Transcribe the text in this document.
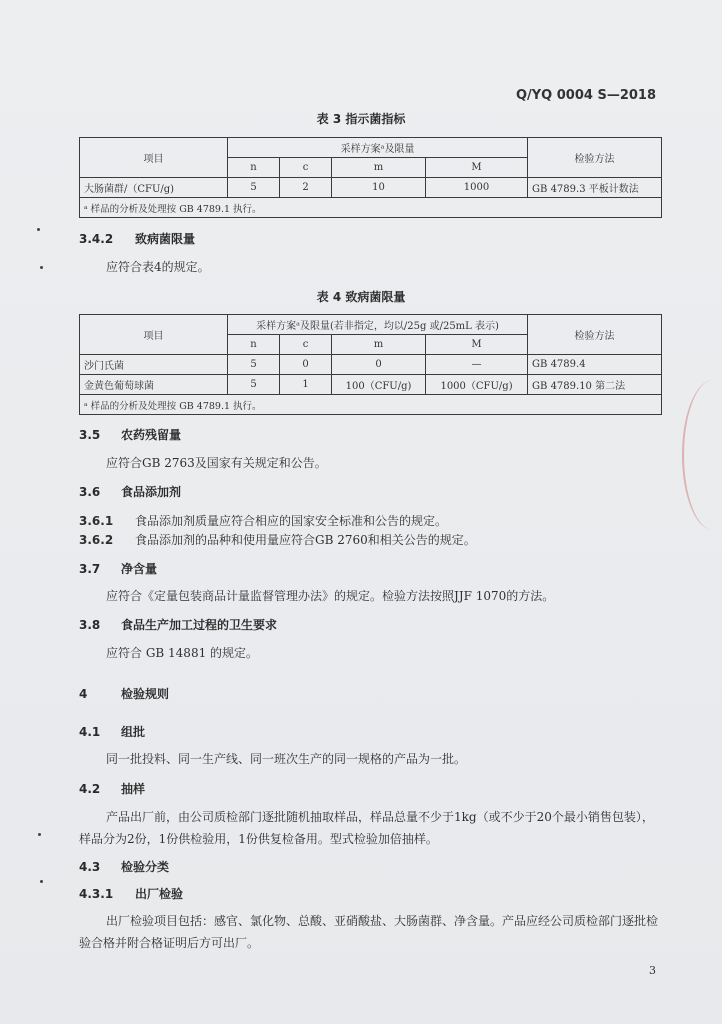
Q/YQ 0004 S—2018
表 3 指示菌指标
项目	采样方案ᵃ及限量				检验方法
	n	c	m	M	
大肠菌群/（CFU/g)	5	2	10	1000	GB 4789.3 平板计数法
ᵃ 样品的分析及处理按 GB 4789.1 执行。					
3.4.2 致病菌限量
应符合表4的规定。
表 4 致病菌限量
项目	采样方案ᵃ及限量(若非指定，均以/25g 或/25mL 表示)				检验方法
	n	c	m	M	
沙门氏菌	5	0	0	—	GB 4789.4
金黄色葡萄球菌	5	1	100（CFU/g)	1000（CFU/g)	GB 4789.10 第二法
ᵃ 样品的分析及处理按 GB 4789.1 执行。					
3.5 农药残留量
应符合GB 2763及国家有关规定和公告。
3.6 食品添加剂
3.6.1 食品添加剂质量应符合相应的国家安全标准和公告的规定。
3.6.2 食品添加剂的品种和使用量应符合GB 2760和相关公告的规定。
3.7 净含量
应符合《定量包装商品计量监督管理办法》的规定。检验方法按照JJF 1070的方法。
3.8 食品生产加工过程的卫生要求
应符合 GB 14881 的规定。
4	检验规则
4.1 组批
同一批投料、同一生产线、同一班次生产的同一规格的产品为一批。
4.2 抽样
产品出厂前，由公司质检部门逐批随机抽取样品，样品总量不少于1kg（或不少于20个最小销售包装），样品分为2份，1份供检验用，1份供复检备用。型式检验加倍抽样。
4.3 检验分类
4.3.1 出厂检验
出厂检验项目包括：感官、氯化物、总酸、亚硝酸盐、大肠菌群、净含量。产品应经公司质检部门逐批检验合格并附合格证明后方可出厂。
3
